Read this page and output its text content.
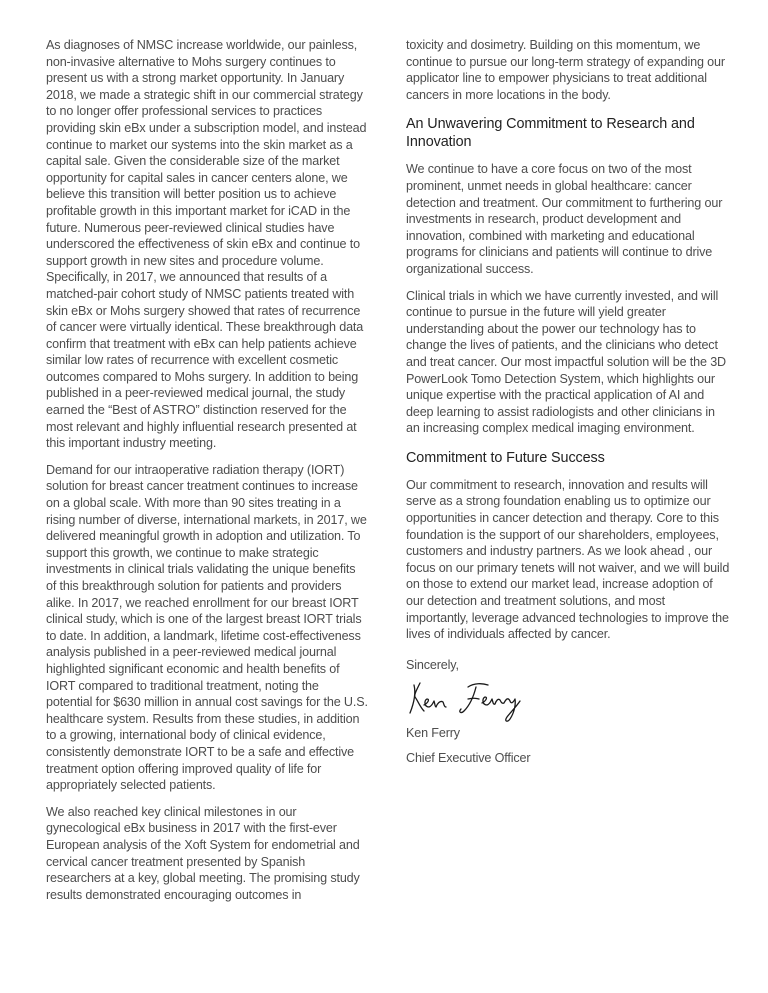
As diagnoses of NMSC increase worldwide, our painless, non-invasive alternative to Mohs surgery continues to present us with a strong market opportunity. In January 2018, we made a strategic shift in our commercial strategy to no longer offer professional services to practices providing skin eBx under a subscription model, and instead continue to market our systems into the skin market as a capital sale. Given the considerable size of the market opportunity for capital sales in cancer centers alone, we believe this transition will better position us to achieve profitable growth in this important market for iCAD in the future. Numerous peer-reviewed clinical studies have underscored the effectiveness of skin eBx and continue to support growth in new sites and procedure volume. Specifically, in 2017, we announced that results of a matched-pair cohort study of NMSC patients treated with skin eBx or Mohs surgery showed that rates of recurrence of cancer were virtually identical. These breakthrough data confirm that treatment with eBx can help patients achieve similar low rates of recurrence with excellent cosmetic outcomes compared to Mohs surgery. In addition to being published in a peer-reviewed medical journal, the study earned the “Best of ASTRO” distinction reserved for the most relevant and highly influential research presented at this important industry meeting.

Demand for our intraoperative radiation therapy (IORT) solution for breast cancer treatment continues to increase on a global scale. With more than 90 sites treating in a rising number of diverse, international markets, in 2017, we delivered meaningful growth in adoption and utilization. To support this growth, we continue to make strategic investments in clinical trials validating the unique benefits of this breakthrough solution for patients and providers alike. In 2017, we reached enrollment for our breast IORT clinical study, which is one of the largest breast IORT trials to date. In addition, a landmark, lifetime cost-effectiveness analysis published in a peer-reviewed medical journal highlighted significant economic and health benefits of IORT compared to traditional treatment, noting the potential for $630 million in annual cost savings for the U.S. healthcare system. Results from these studies, in addition to a growing, international body of clinical evidence, consistently demonstrate IORT to be a safe and effective treatment option offering improved quality of life for appropriately selected patients.

We also reached key clinical milestones in our gynecological eBx business in 2017 with the first-ever European analysis of the Xoft System for endometrial and cervical cancer treatment presented by Spanish researchers at a key, global meeting. The promising study results demonstrated encouraging outcomes in

toxicity and dosimetry. Building on this momentum, we continue to pursue our long-term strategy of expanding our applicator line to empower physicians to treat additional cancers in more locations in the body.

An Unwavering Commitment to Research and Innovation

We continue to have a core focus on two of the most prominent, unmet needs in global healthcare: cancer detection and treatment. Our commitment to furthering our investments in research, product development and innovation, combined with marketing and educational programs for clinicians and patients will continue to drive organizational success.

Clinical trials in which we have currently invested, and will continue to pursue in the future will yield greater understanding about the power our technology has to change the lives of patients, and the clinicians who detect and treat cancer. Our most impactful solution will be the 3D PowerLook Tomo Detection System, which highlights our unique expertise with the practical application of AI and deep learning to assist radiologists and other clinicians in an increasing complex medical imaging environment.

Commitment to Future Success

Our commitment to research, innovation and results will serve as a strong foundation enabling us to optimize our opportunities in cancer detection and therapy. Core to this foundation is the support of our shareholders, employees, customers and industry partners. As we look ahead , our focus on our primary tenets will not waiver, and we will build on those to extend our market lead, increase adoption of our detection and treatment solutions, and most importantly, leverage advanced technologies to improve the lives of individuals affected by cancer.

Sincerely,

Ken Ferry

Chief Executive Officer
